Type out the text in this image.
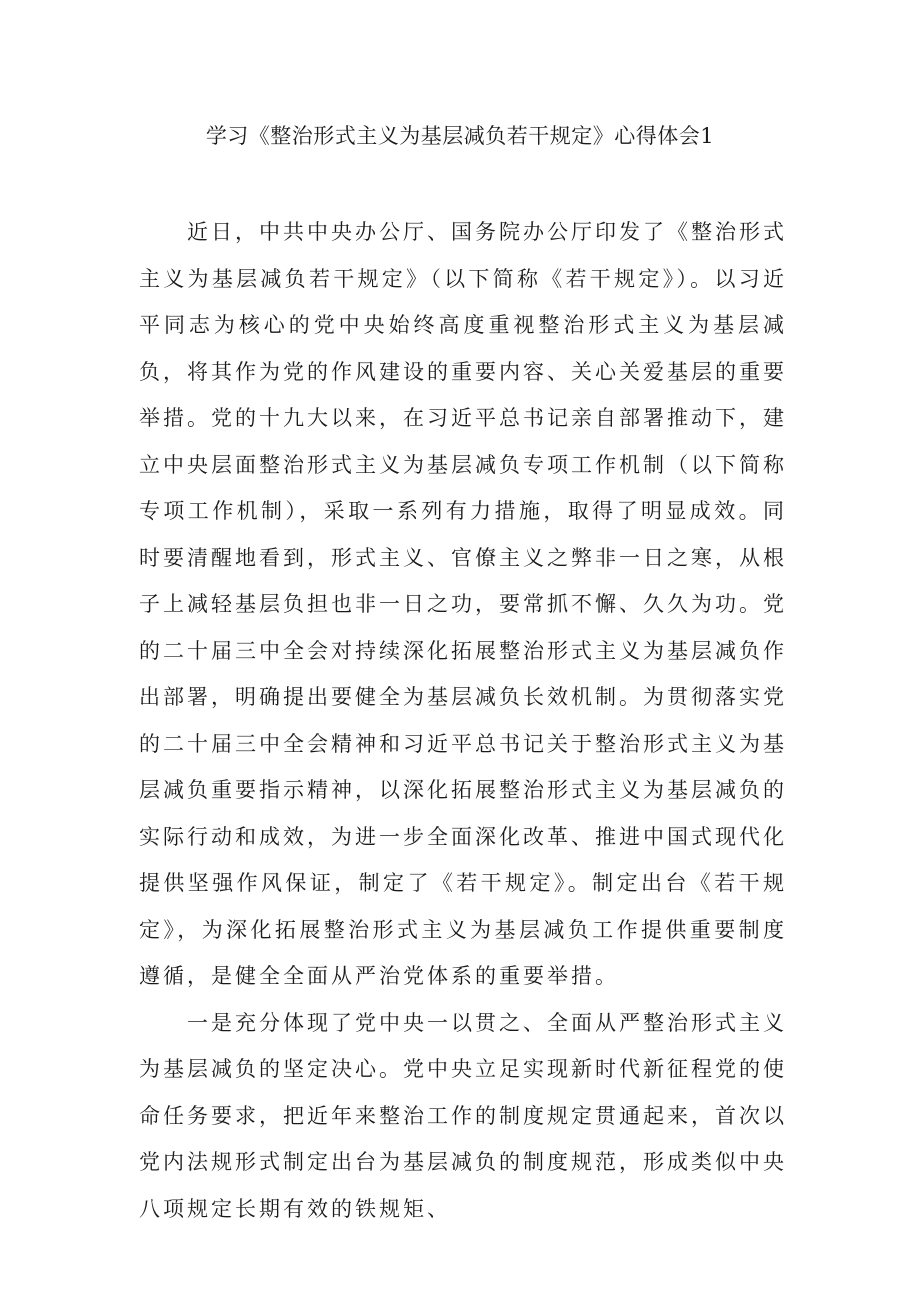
学习《整治形式主义为基层减负若干规定》心得体会1

近日，中共中央办公厅、国务院办公厅印发了《整治形式主义为基层减负若干规定》（以下简称《若干规定》）。以习近平同志为核心的党中央始终高度重视整治形式主义为基层减负，将其作为党的作风建设的重要内容、关心关爱基层的重要举措。党的十九大以来，在习近平总书记亲自部署推动下，建立中央层面整治形式主义为基层减负专项工作机制（以下简称专项工作机制），采取一系列有力措施，取得了明显成效。同时要清醒地看到，形式主义、官僚主义之弊非一日之寒，从根子上减轻基层负担也非一日之功，要常抓不懈、久久为功。党的二十届三中全会对持续深化拓展整治形式主义为基层减负作出部署，明确提出要健全为基层减负长效机制。为贯彻落实党的二十届三中全会精神和习近平总书记关于整治形式主义为基层减负重要指示精神，以深化拓展整治形式主义为基层减负的实际行动和成效，为进一步全面深化改革、推进中国式现代化提供坚强作风保证，制定了《若干规定》。制定出台《若干规定》，为深化拓展整治形式主义为基层减负工作提供重要制度遵循，是健全全面从严治党体系的重要举措。

一是充分体现了党中央一以贯之、全面从严整治形式主义为基层减负的坚定决心。党中央立足实现新时代新征程党的使命任务要求，把近年来整治工作的制度规定贯通起来，首次以党内法规形式制定出台为基层减负的制度规范，形成类似中央八项规定长期有效的铁规矩、
